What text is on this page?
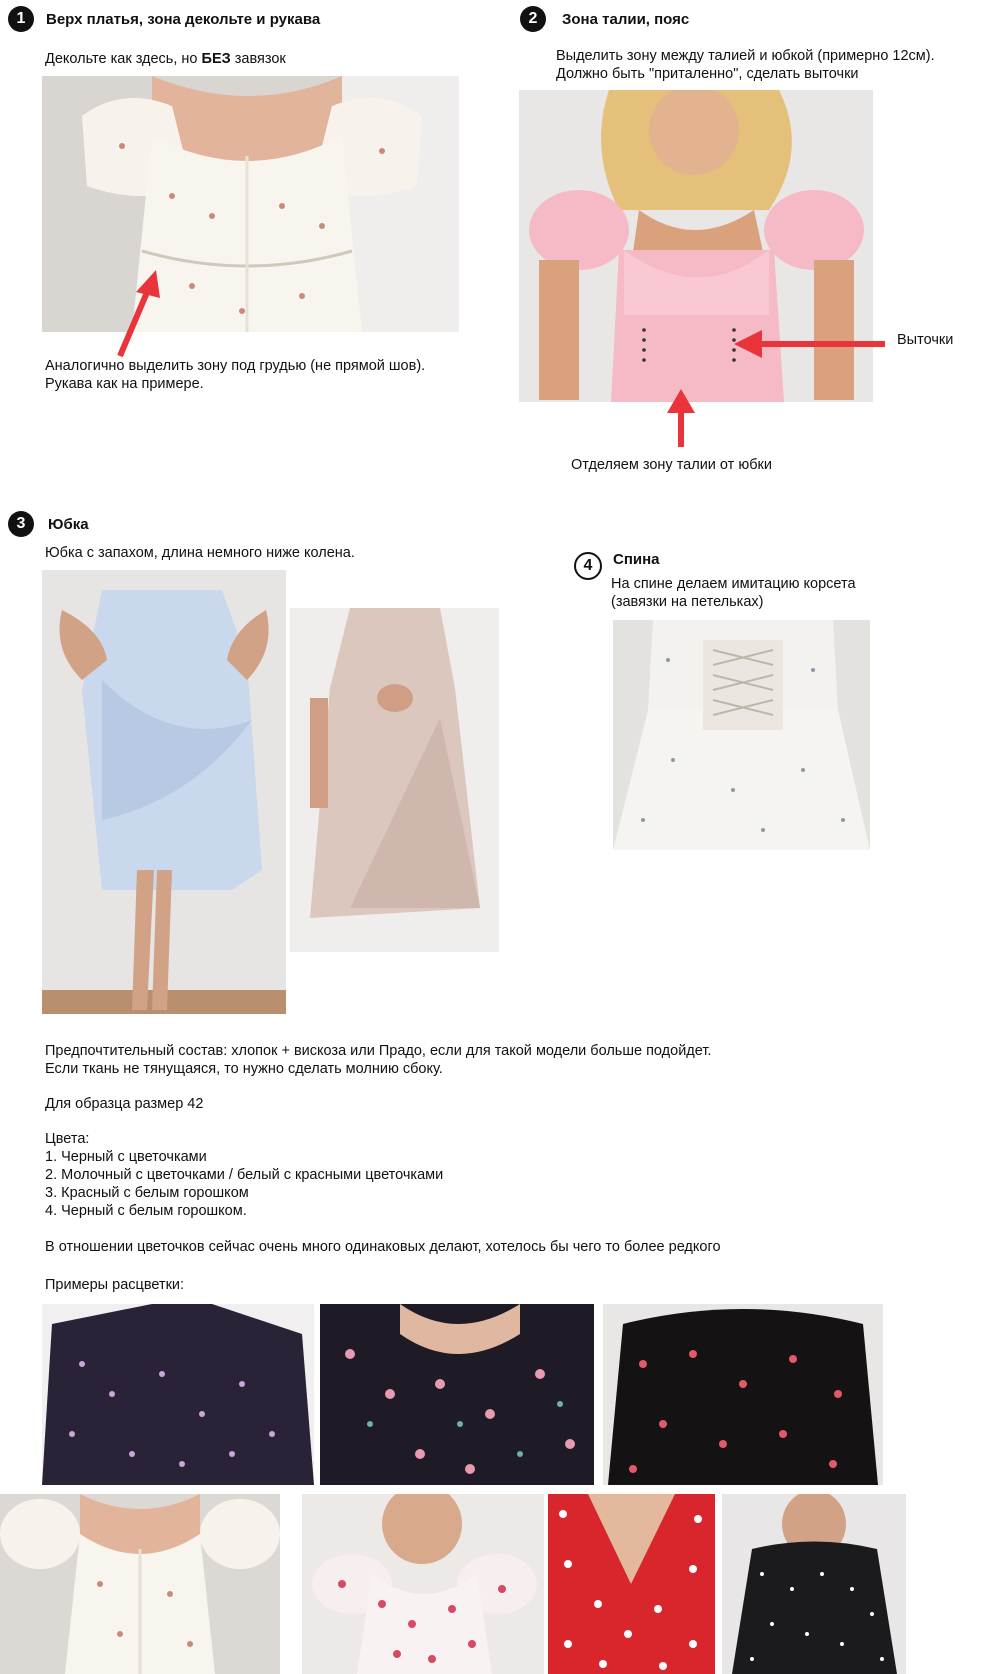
1	Верх платья, зона декольте и рукава
Декольте как здесь, но БЕЗ завязок
Аналогично выделить зону под грудью (не прямой шов).
Рукава как на примере.
2	Зона талии, пояс
Выделить зону между талией и юбкой (примерно 12см).
Должно быть "приталенно", сделать выточки
Выточки
Отделяем зону талии от юбки
3	Юбка
Юбка с запахом, длина немного ниже колена.
4	Спина
На спине делаем имитацию корсета
(завязки на петельках)
Предпочтительный состав: хлопок + вискоза или Прадо, если для такой модели больше подойдет.
Если ткань не тянущаяся, то нужно сделать молнию сбоку.
Для образца размер 42
Цвета:
1. Черный с цветочками
2. Молочный с цветочками / белый с красными цветочками
3. Красный с белым горошком
4. Черный с белым горошком.
В отношении цветочков сейчас очень много одинаковых делают, хотелось бы чего то более редкого
Примеры расцветки:
